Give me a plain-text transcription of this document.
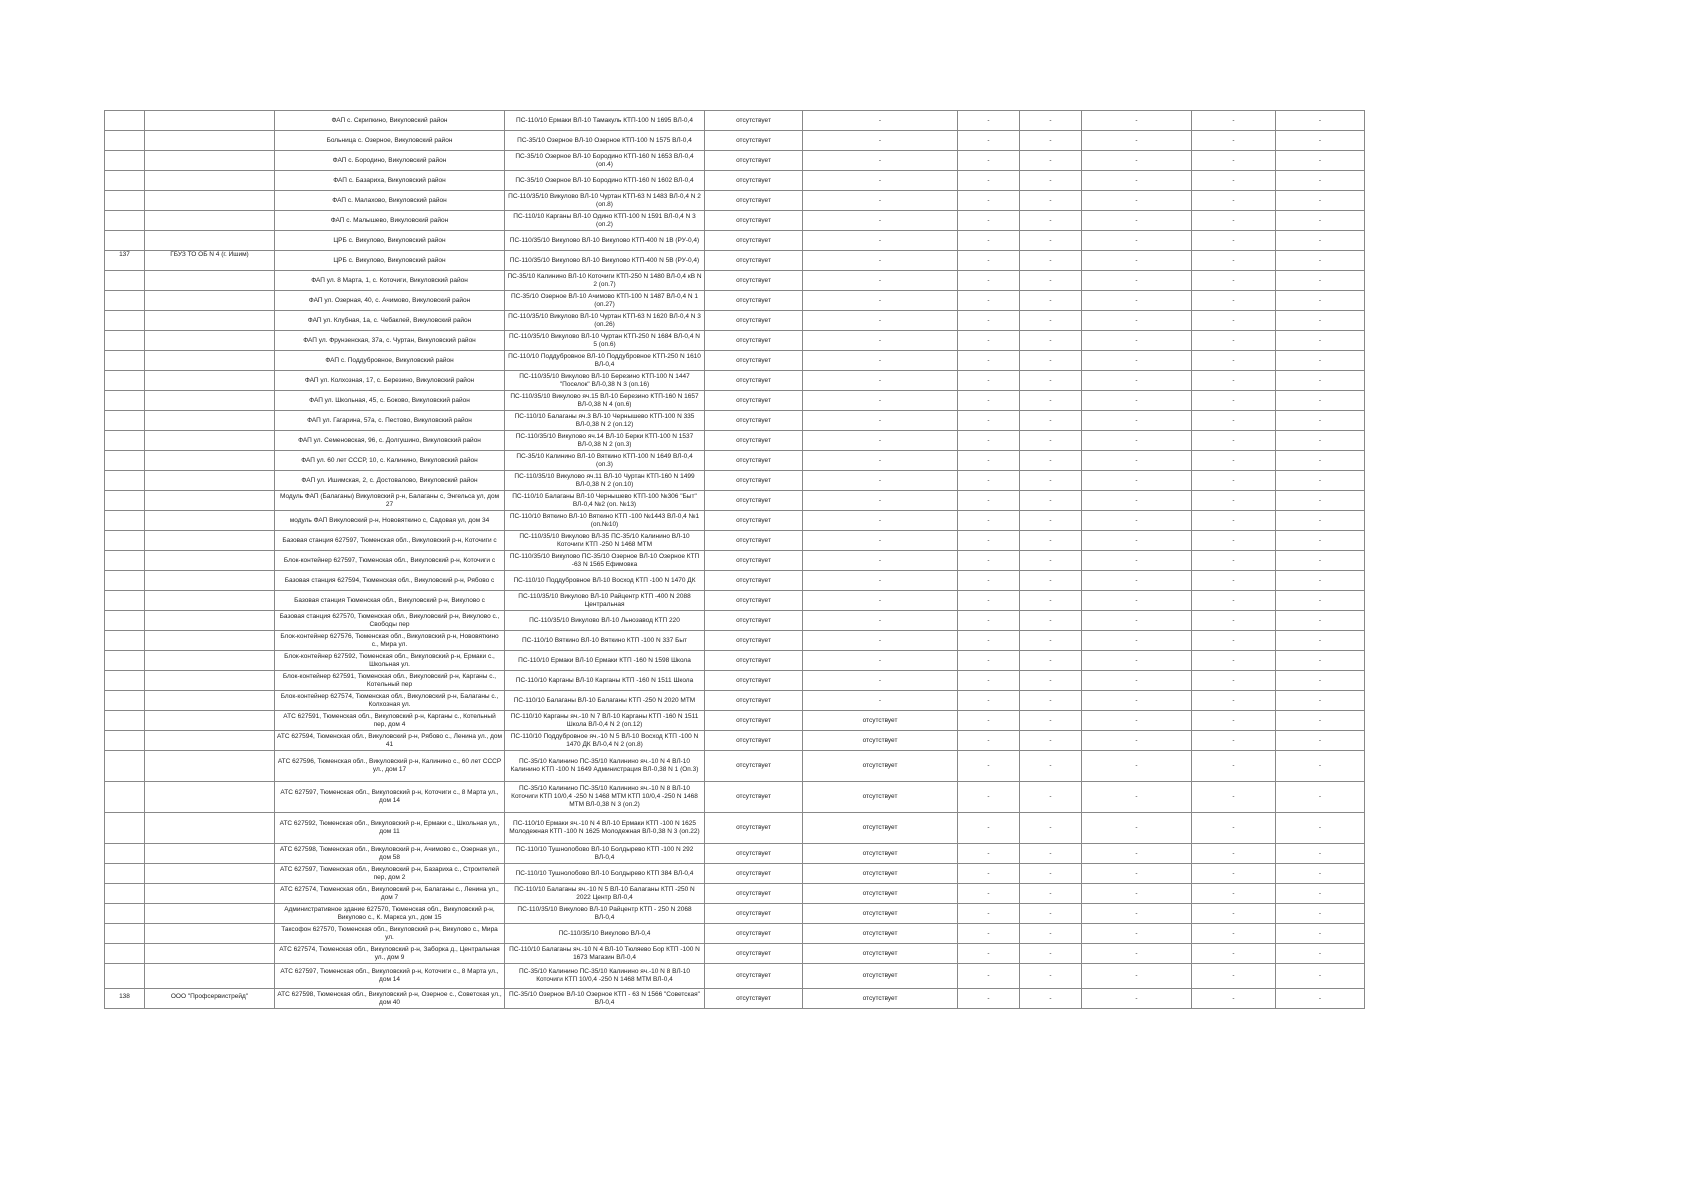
		ФАП с. Скрипкино, Викуловский район	ПС-110/10 Ермаки ВЛ-10 Тамакуль КТП-100 N 1695 ВЛ-0,4	отсутствует	-	-	-	-	-	-
		Больница с. Озерное, Викуловский район	ПС-35/10 Озерное ВЛ-10 Озерное КТП-100 N 1575 ВЛ-0,4	отсутствует	-	-	-	-	-	-
		ФАП с. Бородино, Викуловский район	ПС-35/10 Озерное ВЛ-10 Бородино КТП-160 N 1653 ВЛ-0,4 (оп.4)	отсутствует	-	-	-	-	-	-
		ФАП с. Базариха, Викуловский район	ПС-35/10 Озерное ВЛ-10 Бородино КТП-160 N 1602 ВЛ-0,4	отсутствует	-	-	-	-	-	-
		ФАП с. Малахово, Викуловский район	ПС-110/35/10 Викулово ВЛ-10 Чуртан КТП-63 N 1483 ВЛ-0,4 N 2 (оп.8)	отсутствует	-	-	-	-	-	-
		ФАП с. Малышево, Викуловский район	ПС-110/10 Карганы ВЛ-10 Одино КТП-100 N 1591 ВЛ-0,4 N 3 (оп.2)	отсутствует	-	-	-	-	-	-
		ЦРБ с. Викулово, Викуловский район	ПС-110/35/10 Викулово ВЛ-10 Викулово КТП-400 N 1В (РУ-0,4)	отсутствует	-	-	-	-	-	-

137	ГБУЗ ТО ОБ N 4 (г. Ишим)	ЦРБ с. Викулово, Викуловский район	ПС-110/35/10 Викулово ВЛ-10 Викулово КТП-400 N 5В (РУ-0,4)	отсутствует	-	-	-	-	-	-
		ФАП ул. 8 Марта, 1, с. Коточиги, Викуловский район	ПС-35/10 Калинино ВЛ-10 Коточиги КТП-250 N 1480 ВЛ-0,4 кВ N 2 (оп.7)	отсутствует	-	-	-	-	-	-
		ФАП ул. Озерная, 40, с. Ачимово, Викуловский район	ПС-35/10 Озерное ВЛ-10 Ачимово КТП-100 N 1487 ВЛ-0,4 N 1 (оп.27)	отсутствует	-	-	-	-	-	-
		ФАП ул. Клубная, 1а, с. Чебаклей, Викуловский район	ПС-110/35/10 Викулово ВЛ-10 Чуртан КТП-63 N 1620 ВЛ-0,4 N 3 (оп.26)	отсутствует	-	-	-	-	-	-
		ФАП ул. Фрунзенская, 37а, с. Чуртан, Викуловский район	ПС-110/35/10 Викулово ВЛ-10 Чуртан КТП-250 N 1684 ВЛ-0,4 N 5 (оп.6)	отсутствует	-	-	-	-	-	-
		ФАП с. Поддубровное, Викуловский район	ПС-110/10 Поддубровное ВЛ-10 Поддубровное КТП-250 N 1610 ВЛ-0,4	отсутствует	-	-	-	-	-	-
		ФАП ул. Колхозная, 17, с. Березино, Викуловский район	ПС-110/35/10 Викулово ВЛ-10 Березино КТП-100 N 1447 "Поселок" ВЛ-0,38 N 3 (оп.16)	отсутствует	-	-	-	-	-	-
		ФАП ул. Школьная, 45, с. Боково, Викуловский район	ПС-110/35/10 Викулово яч.15 ВЛ-10 Березино КТП-160 N 1657 ВЛ-0,38 N 4 (оп.6)	отсутствует	-	-	-	-	-	-
		ФАП ул. Гагарина, 57а, с. Пестово, Викуловский район	ПС-110/10 Балаганы яч.3 ВЛ-10 Чернышево КТП-100 N 335 ВЛ-0,38 N 2 (оп.12)	отсутствует	-	-	-	-	-	-
		ФАП ул. Семеновская, 96, с. Долгушино, Викуловский район	ПС-110/35/10 Викулово яч.14 ВЛ-10 Берки КТП-100 N 1537 ВЛ-0,38 N 2 (оп.3)	отсутствует	-	-	-	-	-	-
		ФАП ул. 60 лет СССР, 10, с. Калинино, Викуловский район	ПС-35/10 Калинино ВЛ-10 Вяткино КТП-100 N 1649 ВЛ-0,4 (оп.3)	отсутствует	-	-	-	-	-	-
		ФАП ул. Ишимская, 2, с. Достовалово, Викуловский район	ПС-110/35/10 Викулово яч.11 ВЛ-10 Чуртан КТП-160 N 1499 ВЛ-0,38 N 2 (оп.10)	отсутствует	-	-	-	-	-	-
		Модуль ФАП (Балаганы) Викуловский р-н, Балаганы с, Энгельса ул, дом 27	ПС-110/10 Балаганы ВЛ-10 Чернышево КТП-100 №306 "Быт" ВЛ-0,4 №2 (оп. №13)	отсутствует	-	-	-	-	-	-
		модуль ФАП Викуловский р-н, Нововяткино с, Садовая ул, дом 34	ПС-110/10 Вяткино ВЛ-10 Вяткино КТП -100 №1443 ВЛ-0,4 №1 (оп.№10)	отсутствует	-	-	-	-	-	-
		Базовая станция 627597, Тюменская обл., Викуловский р-н, Коточиги с	ПС-110/35/10 Викулово ВЛ-35 ПС-35/10 Калинино ВЛ-10 Коточиги КТП -250 N 1468 МТМ	отсутствует	-	-	-	-	-	-
		Блок-контейнер 627597, Тюменская обл., Викуловский р-н, Коточиги с	ПС-110/35/10 Викулово ПС-35/10 Озерное ВЛ-10 Озерное КТП -63 N 1565 Ефимовка	отсутствует	-	-	-	-	-	-
		Базовая станция 627594, Тюменская обл., Викуловский р-н, Рябово с	ПС-110/10 Поддубровное ВЛ-10 Восход КТП -100 N 1470 ДК	отсутствует	-	-	-	-	-	-
		Базовая станция Тюменская обл., Викуловский р-н, Викулово с	ПС-110/35/10 Викулово ВЛ-10 Райцентр КТП -400 N 2088 Центральная	отсутствует	-	-	-	-	-	-
		Базовая станция 627570, Тюменская обл., Викуловский р-н, Викулово с., Свободы пер	ПС-110/35/10 Викулово ВЛ-10 Льнозавод КТП 220	отсутствует	-	-	-	-	-	-
		Блок-контейнер 627576, Тюменская обл., Викуловский р-н, Нововяткино с., Мира ул.	ПС-110/10 Вяткино ВЛ-10 Вяткино КТП -100 N 337 Быт	отсутствует	-	-	-	-	-	-
		Блок-контейнер 627592, Тюменская обл., Викуловский р-н, Ермаки с., Школьная ул.	ПС-110/10 Ермаки ВЛ-10 Ермаки КТП -160 N 1598 Школа	отсутствует	-	-	-	-	-	-
		Блок-контейнер 627591, Тюменская обл., Викуловский р-н, Карганы с., Котельный пер	ПС-110/10 Карганы ВЛ-10 Карганы КТП -160 N 1511 Школа	отсутствует	-	-	-	-	-	-
		Блок-контейнер 627574, Тюменская обл., Викуловский р-н, Балаганы с., Колхозная ул.	ПС-110/10 Балаганы ВЛ-10 Балаганы КТП -250 N 2020 МТМ	отсутствует	-	-	-	-	-	-
		АТС 627591, Тюменская обл., Викуловский р-н, Карганы с., Котельный пер, дом 4	ПС-110/10 Карганы яч.-10 N 7 ВЛ-10 Карганы КТП -160 N 1511 Школа ВЛ-0,4 N 2 (оп.12)	отсутствует	отсутствует	-	-	-	-	-
		АТС 627594, Тюменская обл., Викуловский р-н, Рябово с., Ленина ул., дом 41	ПС-110/10 Поддубровное яч.-10 N 5 ВЛ-10 Восход КТП -100 N 1470 ДК ВЛ-0,4 N 2 (оп.8)	отсутствует	отсутствует	-	-	-	-	-
		АТС 627596, Тюменская обл., Викуловский р-н, Калинино с., 60 лет СССР ул., дом 17	ПС-35/10 Калинино ПС-35/10 Калинино яч.-10 N 4 ВЛ-10 Калинино КТП -100 N 1649 Администрация ВЛ-0,38 N 1 (Оп.3)	отсутствует	отсутствует	-	-	-	-	-
		АТС 627597, Тюменская обл., Викуловский р-н, Коточиги с., 8 Марта ул., дом 14	ПС-35/10 Калинино ПС-35/10 Калинино яч.-10 N 8 ВЛ-10 Коточиги КТП 10/0,4 -250 N 1468 МТМ КТП 10/0,4 -250 N 1468 МТМ ВЛ-0,38 N 3 (оп.2)	отсутствует	отсутствует	-	-	-	-	-
		АТС 627592, Тюменская обл., Викуловский р-н, Ермаки с., Школьная ул., дом 11	ПС-110/10 Ермаки яч.-10 N 4 ВЛ-10 Ермаки КТП -100 N 1625 Молодежная КТП -100 N 1625 Молодежная ВЛ-0,38 N 3 (оп.22)	отсутствует	отсутствует	-	-	-	-	-
		АТС 627598, Тюменская обл., Викуловский р-н, Ачимово с., Озерная ул., дом 58	ПС-110/10 Тушнолобово ВЛ-10 Болдырево КТП -100 N 292 ВЛ-0,4	отсутствует	отсутствует	-	-	-	-	-
		АТС 627597, Тюменская обл., Викуловский р-н, Базариха с., Строителей пер, дом 2	ПС-110/10 Тушнолобово ВЛ-10 Болдырево КТП 384 ВЛ-0,4	отсутствует	отсутствует	-	-	-	-	-
		АТС 627574, Тюменская обл., Викуловский р-н, Балаганы с., Ленина ул., дом 7	ПС-110/10 Балаганы яч.-10 N 5 ВЛ-10 Балаганы КТП -250 N 2022 Центр ВЛ-0,4	отсутствует	отсутствует	-	-	-	-	-
		Административное здание 627570, Тюменская обл., Викуловский р-н, Викулово с., К. Маркса ул., дом 15	ПС-110/35/10 Викулово ВЛ-10 Райцентр КТП - 250 N 2068 ВЛ-0,4	отсутствует	отсутствует	-	-	-	-	-
		Таксофон 627570, Тюменская обл., Викуловский р-н, Викулово с., Мира ул.	ПС-110/35/10 Викулово ВЛ-0,4	отсутствует	отсутствует	-	-	-	-	-
		АТС 627574, Тюменская обл., Викуловский р-н, Заборка д., Центральная ул., дом 9	ПС-110/10 Балаганы яч.-10 N 4 ВЛ-10 Тюляево Бор КТП -100 N 1673 Магазин ВЛ-0,4	отсутствует	отсутствует	-	-	-	-	-
		АТС 627597, Тюменская обл., Викуловский р-н, Коточиги с., 8 Марта ул., дом 14	ПС-35/10 Калинино ПС-35/10 Калинино яч.-10 N 8 ВЛ-10 Коточиги КТП 10/0,4 -250 N 1468 МТМ ВЛ-0,4	отсутствует	отсутствует	-	-	-	-	-

138	ООО "Профсервистрейд"	АТС 627598, Тюменская обл., Викуловский р-н, Озерное с., Советская ул., дом 40	ПС-35/10 Озерное ВЛ-10 Озерное КТП - 63 N 1566 "Советская" ВЛ-0,4	отсутствует	отсутствует	-	-	-	-	-
